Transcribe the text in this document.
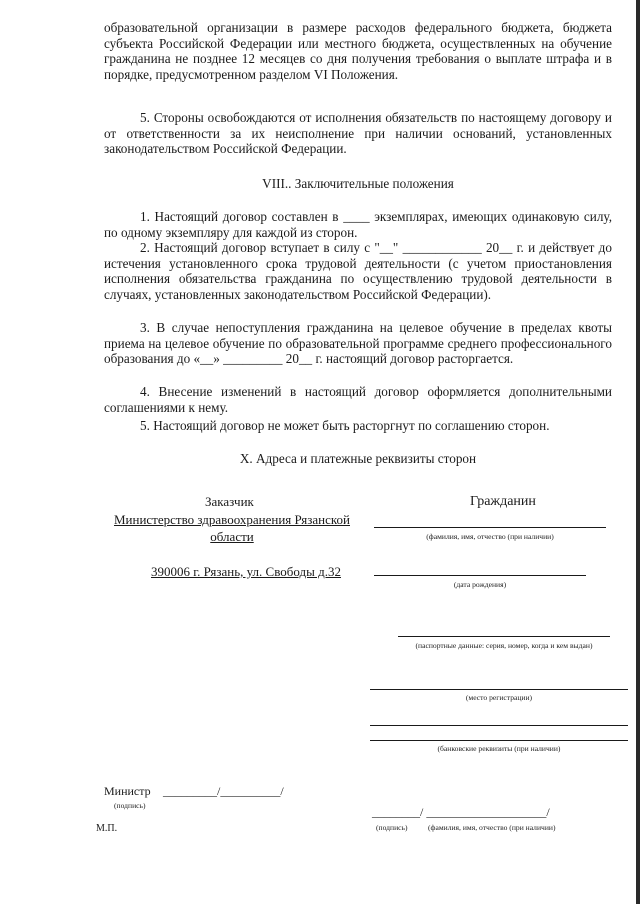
образовательной организации в размере расходов федерального бюджета, бюджета субъекта Российской Федерации или местного бюджета, осуществленных на обучение гражданина не позднее 12 месяцев со дня получения требования о выплате штрафа и в порядке, предусмотренном разделом VI Положения.

5. Стороны освобождаются от исполнения обязательств по настоящему договору и от ответственности за их неисполнение при наличии оснований, установленных законодательством Российской Федерации.

VIII.. Заключительные положения

1. Настоящий договор составлен в ____ экземплярах, имеющих одинаковую силу, по одному экземпляру для каждой из сторон.

2. Настоящий договор вступает в силу с "__" ____________ 20__ г. и действует до истечения установленного срока трудовой деятельности (с учетом приостановления исполнения обязательства гражданина по осуществлению трудовой деятельности в случаях, установленных законодательством Российской Федерации).

3. В случае непоступления гражданина на целевое обучение в пределах квоты приема на целевое обучение по образовательной программе среднего профессионального образования до «__» _________ 20__ г. настоящий договор расторгается.

4. Внесение изменений в настоящий договор оформляется дополнительными соглашениями к нему.

5. Настоящий договор не может быть расторгнут по соглашению сторон.

X. Адреса и платежные реквизиты сторон

Заказчик
Министерство здравоохранения Рязанской
области
390006 г. Рязань, ул. Свободы д.32
Министр _________/__________/
(подпись)
М.П.
Гражданин
(фамилия, имя, отчество (при наличии)
(дата рождения)
(паспортные данные: серия, номер, когда и кем выдан)
(место регистрации)
(банковские реквизиты (при наличии)
________/ ____________________/
(подпись)	(фамилия, имя, отчество (при наличии)
